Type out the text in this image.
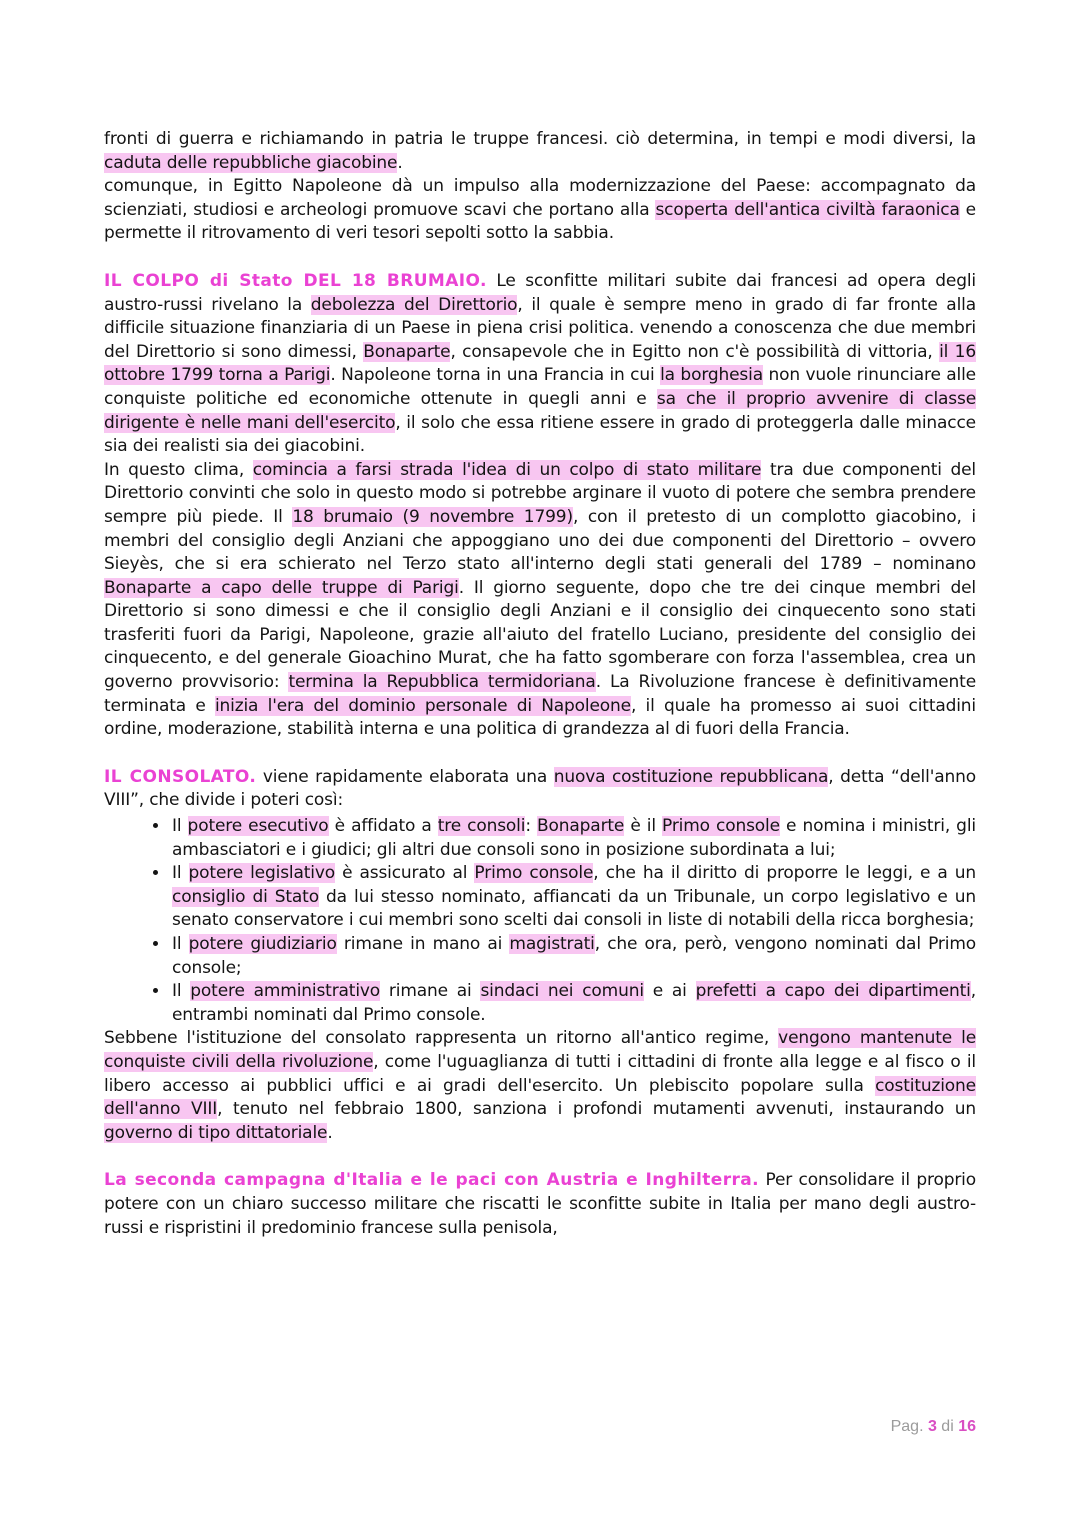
fronti di guerra e richiamando in patria le truppe francesi. ciò determina, in tempi e modi diversi, la caduta delle repubbliche giacobine.

comunque, in Egitto Napoleone dà un impulso alla modernizzazione del Paese: accompagnato da scienziati, studiosi e archeologi promuove scavi che portano alla scoperta dell'antica civiltà faraonica e permette il ritrovamento di veri tesori sepolti sotto la sabbia.

IL COLPO di Stato DEL 18 BRUMAIO. Le sconfitte militari subite dai francesi ad opera degli austro-russi rivelano la debolezza del Direttorio, il quale è sempre meno in grado di far fronte alla difficile situazione finanziaria di un Paese in piena crisi politica. venendo a conoscenza che due membri del Direttorio si sono dimessi, Bonaparte, consapevole che in Egitto non c'è possibilità di vittoria, il 16 ottobre 1799 torna a Parigi. Napoleone torna in una Francia in cui la borghesia non vuole rinunciare alle conquiste politiche ed economiche ottenute in quegli anni e sa che il proprio avvenire di classe dirigente è nelle mani dell'esercito, il solo che essa ritiene essere in grado di proteggerla dalle minacce sia dei realisti sia dei giacobini.

In questo clima, comincia a farsi strada l'idea di un colpo di stato militare tra due componenti del Direttorio convinti che solo in questo modo si potrebbe arginare il vuoto di potere che sembra prendere sempre più piede. Il 18 brumaio (9 novembre 1799), con il pretesto di un complotto giacobino, i membri del consiglio degli Anziani che appoggiano uno dei due componenti del Direttorio – ovvero Sieyès, che si era schierato nel Terzo stato all'interno degli stati generali del 1789 – nominano Bonaparte a capo delle truppe di Parigi. Il giorno seguente, dopo che tre dei cinque membri del Direttorio si sono dimessi e che il consiglio degli Anziani e il consiglio dei cinquecento sono stati trasferiti fuori da Parigi, Napoleone, grazie all'aiuto del fratello Luciano, presidente del consiglio dei cinquecento, e del generale Gioachino Murat, che ha fatto sgomberare con forza l'assemblea, crea un governo provvisorio: termina la Repubblica termidoriana. La Rivoluzione francese è definitivamente terminata e inizia l'era del dominio personale di Napoleone, il quale ha promesso ai suoi cittadini ordine, moderazione, stabilità interna e una politica di grandezza al di fuori della Francia.

IL CONSOLATO. viene rapidamente elaborata una nuova costituzione repubblicana, detta “dell'anno VIII”, che divide i poteri così:

• Il potere esecutivo è affidato a tre consoli: Bonaparte è il Primo console e nomina i ministri, gli ambasciatori e i giudici; gli altri due consoli sono in posizione subordinata a lui;
• Il potere legislativo è assicurato al Primo console, che ha il diritto di proporre le leggi, e a un consiglio di Stato da lui stesso nominato, affiancati da un Tribunale, un corpo legislativo e un senato conservatore i cui membri sono scelti dai consoli in liste di notabili della ricca borghesia;
• Il potere giudiziario rimane in mano ai magistrati, che ora, però, vengono nominati dal Primo console;
• Il potere amministrativo rimane ai sindaci nei comuni e ai prefetti a capo dei dipartimenti, entrambi nominati dal Primo console.

Sebbene l'istituzione del consolato rappresenta un ritorno all'antico regime, vengono mantenute le conquiste civili della rivoluzione, come l'uguaglianza di tutti i cittadini di fronte alla legge e al fisco o il libero accesso ai pubblici uffici e ai gradi dell'esercito. Un plebiscito popolare sulla costituzione dell'anno VIII, tenuto nel febbraio 1800, sanziona i profondi mutamenti avvenuti, instaurando un governo di tipo dittatoriale.

La seconda campagna d'Italia e le paci con Austria e Inghilterra. Per consolidare il proprio potere con un chiaro successo militare che riscatti le sconfitte subite in Italia per mano degli austro-russi e rispristini il predominio francese sulla penisola,

Pag. 3 di 16
